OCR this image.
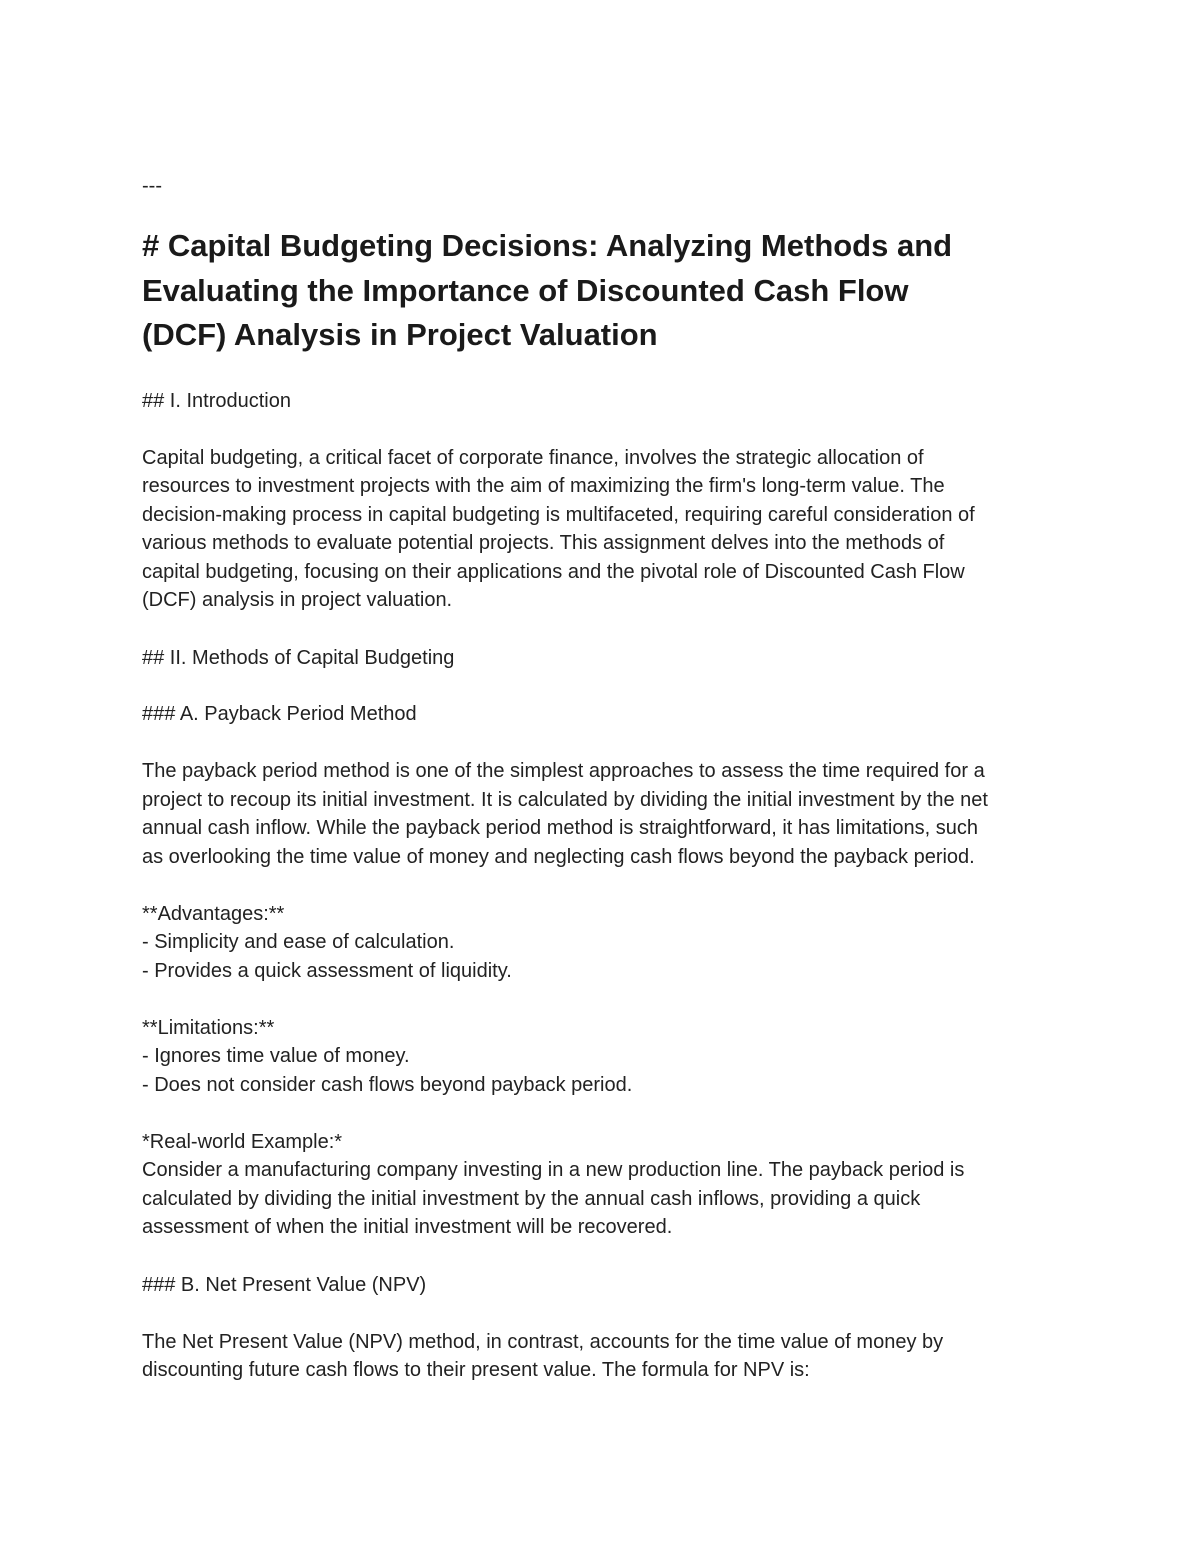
---
# Capital Budgeting Decisions: Analyzing Methods and
Evaluating the Importance of Discounted Cash Flow
(DCF) Analysis in Project Valuation
## I. Introduction
Capital budgeting, a critical facet of corporate finance, involves the strategic allocation of
resources to investment projects with the aim of maximizing the firm's long-term value. The
decision-making process in capital budgeting is multifaceted, requiring careful consideration of
various methods to evaluate potential projects. This assignment delves into the methods of
capital budgeting, focusing on their applications and the pivotal role of Discounted Cash Flow
(DCF) analysis in project valuation.
## II. Methods of Capital Budgeting
### A. Payback Period Method
The payback period method is one of the simplest approaches to assess the time required for a
project to recoup its initial investment. It is calculated by dividing the initial investment by the net
annual cash inflow. While the payback period method is straightforward, it has limitations, such
as overlooking the time value of money and neglecting cash flows beyond the payback period.
**Advantages:**
- Simplicity and ease of calculation.
- Provides a quick assessment of liquidity.
**Limitations:**
- Ignores time value of money.
- Does not consider cash flows beyond payback period.
*Real-world Example:*
Consider a manufacturing company investing in a new production line. The payback period is
calculated by dividing the initial investment by the annual cash inflows, providing a quick
assessment of when the initial investment will be recovered.
### B. Net Present Value (NPV)
The Net Present Value (NPV) method, in contrast, accounts for the time value of money by
discounting future cash flows to their present value. The formula for NPV is:
